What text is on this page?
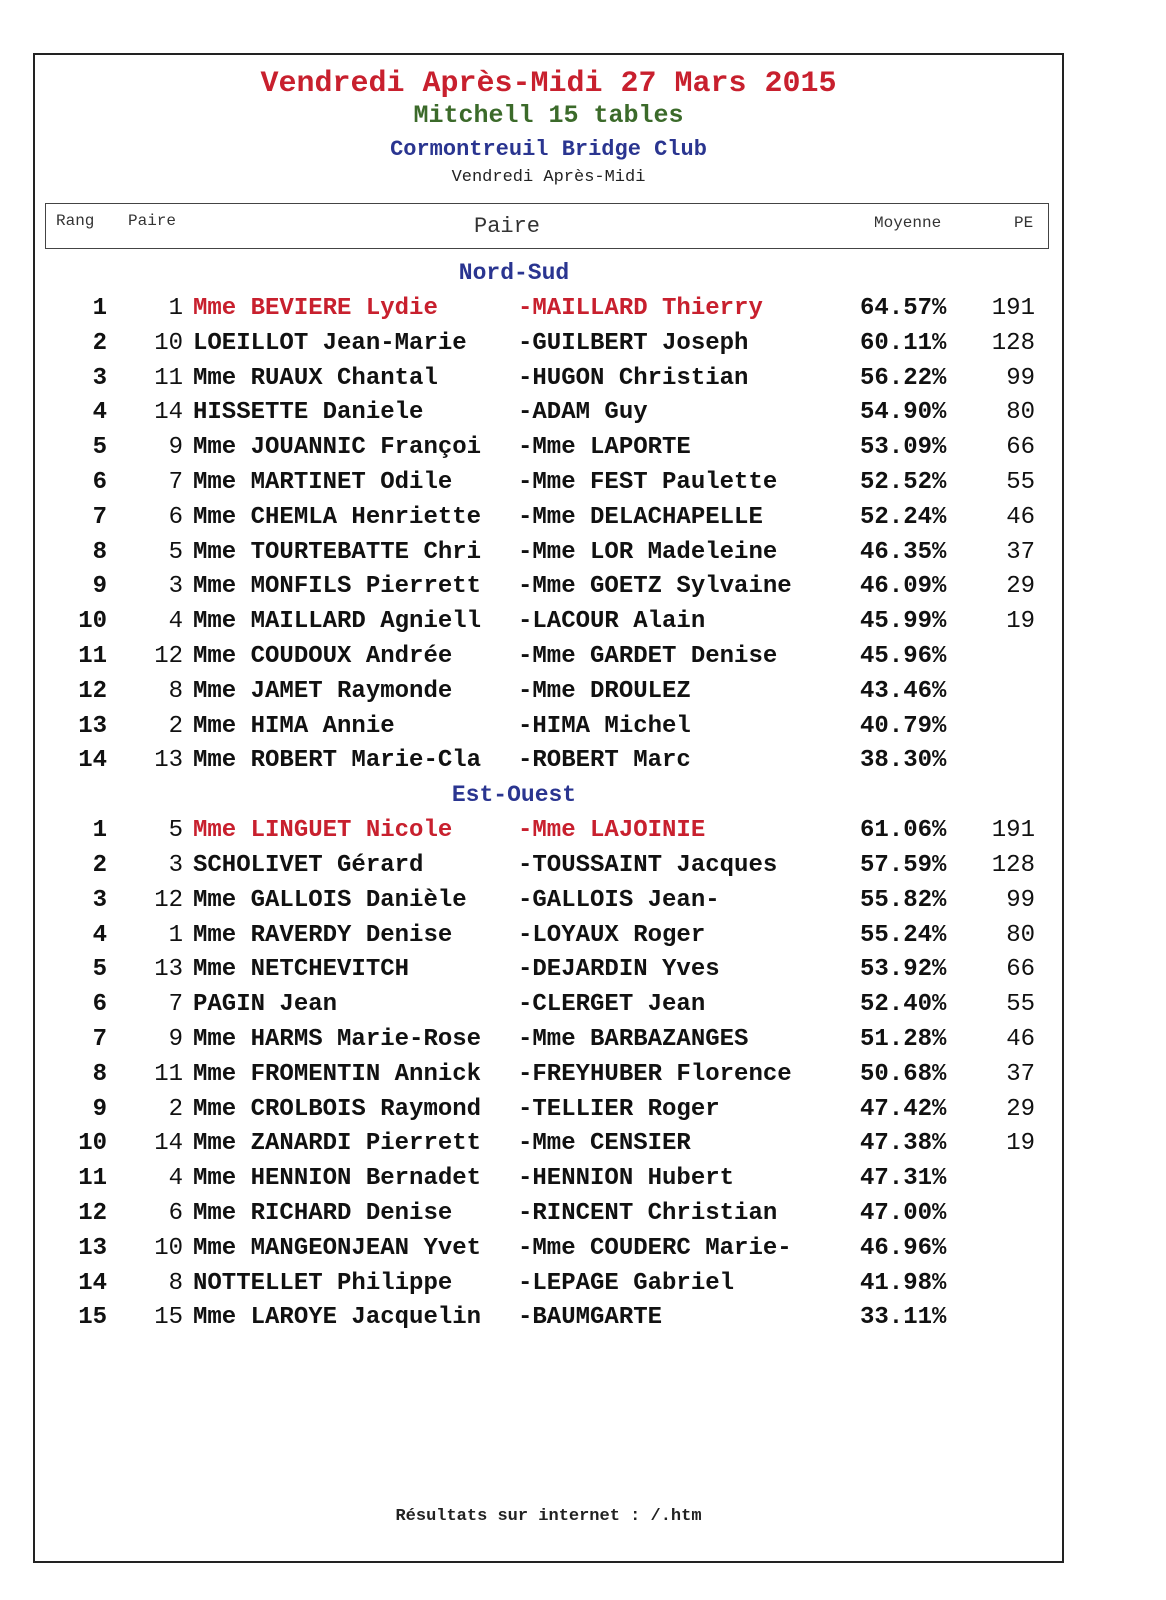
Vendredi Après-Midi 27 Mars 2015
Mitchell 15 tables
Cormontreuil Bridge Club
Vendredi Après-Midi
Rang Paire	Paire	Moyenne	PE
Nord-Sud
1	1 Mme BEVIERE Lydie	-MAILLARD Thierry	64.57%	191
2	10 LOEILLOT Jean-Marie -GUILBERT Joseph	60.11%	128
3	11 Mme RUAUX Chantal	-HUGON Christian	56.22%	99
4	14 HISSETTE Daniele	-ADAM Guy	54.90%	80
5	9 Mme JOUANNIC Françoi -Mme LAPORTE	53.09%	66
6	7 Mme MARTINET Odile	-Mme FEST Paulette	52.52%	55
7	6 Mme CHEMLA Henriette -Mme DELACHAPELLE	52.24%	46
8	5 Mme TOURTEBATTE Chri -Mme LOR Madeleine	46.35%	37
9	3 Mme MONFILS Pierrett -Mme GOETZ Sylvaine	46.09%	29
10	4 Mme MAILLARD Agniell -LACOUR Alain	45.99%	19
11	12 Mme COUDOUX Andrée	-Mme GARDET Denise	45.96%
12	8 Mme JAMET Raymonde	-Mme DROULEZ	43.46%
13	2 Mme HIMA Annie	-HIMA Michel	40.79%
14	13 Mme ROBERT Marie-Cla -ROBERT Marc	38.30%
Est-Ouest
1	5 Mme LINGUET Nicole	-Mme LAJOINIE	61.06%	191
2	3 SCHOLIVET Gérard	-TOUSSAINT Jacques	57.59%	128
3	12 Mme GALLOIS Danièle -GALLOIS Jean-	55.82%	99
4	1 Mme RAVERDY Denise	-LOYAUX Roger	55.24%	80
5	13 Mme NETCHEVITCH	-DEJARDIN Yves	53.92%	66
6	7 PAGIN Jean	-CLERGET Jean	52.40%	55
7	9 Mme HARMS Marie-Rose -Mme BARBAZANGES	51.28%	46
8	11 Mme FROMENTIN Annick -FREYHUBER Florence	50.68%	37
9	2 Mme CROLBOIS Raymond -TELLIER Roger	47.42%	29
10	14 Mme ZANARDI Pierrett -Mme CENSIER	47.38%	19
11	4 Mme HENNION Bernadet -HENNION Hubert	47.31%
12	6 Mme RICHARD Denise	-RINCENT Christian	47.00%
13	10 Mme MANGEONJEAN Yvet -Mme COUDERC Marie-	46.96%
14	8 NOTTELLET Philippe	-LEPAGE Gabriel	41.98%
15	15 Mme LAROYE Jacquelin -BAUMGARTE	33.11%
Résultats sur internet : /.htm
